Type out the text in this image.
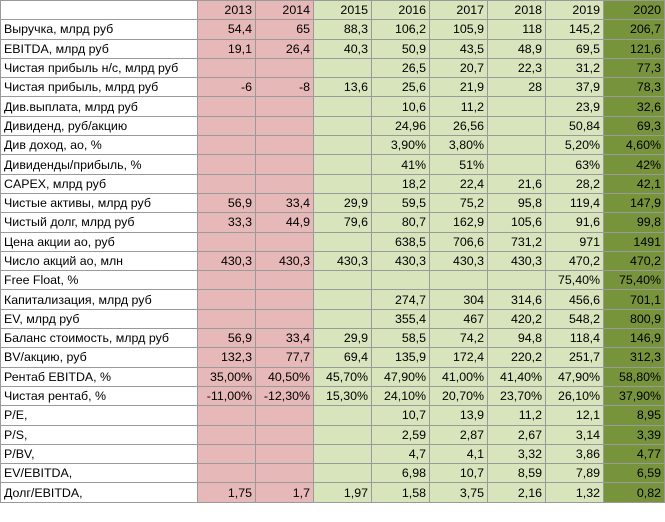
	2013	2014	2015	2016	2017	2018	2019	2020
Выручка, млрд руб	54,4	65	88,3	106,2	105,9	118	145,2	206,7
EBITDA, млрд руб	19,1	26,4	40,3	50,9	43,5	48,9	69,5	121,6
Чистая прибыль н/с, млрд руб				26,5	20,7	22,3	31,2	77,3
Чистая прибыль, млрд руб	-6	-8	13,6	25,6	21,9	28	37,9	78,3
Див.выплата, млрд руб				10,6	11,2		23,9	32,6
Дивиденд, руб/акцию				24,96	26,56		50,84	69,3
Див доход, ао, %				3,90%	3,80%		5,20%	4,60%
Дивиденды/прибыль, %				41%	51%		63%	42%
CAPEX, млрд руб				18,2	22,4	21,6	28,2	42,1
Чистые активы, млрд руб	56,9	33,4	29,9	59,5	75,2	95,8	119,4	147,9
Чистый долг, млрд руб	33,3	44,9	79,6	80,7	162,9	105,6	91,6	99,8
Цена акции ао, руб				638,5	706,6	731,2	971	1491
Число акций ао, млн	430,3	430,3	430,3	430,3	430,3	430,3	470,2	470,2
Free Float, %							75,40%	75,40%
Капитализация, млрд руб				274,7	304	314,6	456,6	701,1
EV, млрд руб				355,4	467	420,2	548,2	800,9
Баланс стоимость, млрд руб	56,9	33,4	29,9	58,5	74,2	94,8	118,4	146,9
BV/акцию, руб	132,3	77,7	69,4	135,9	172,4	220,2	251,7	312,3
Рентаб EBITDA, %	35,00%	40,50%	45,70%	47,90%	41,00%	41,40%	47,90%	58,80%
Чистая рентаб, %	-11,00%	-12,30%	15,30%	24,10%	20,70%	23,70%	26,10%	37,90%
P/E,				10,7	13,9	11,2	12,1	8,95
P/S,				2,59	2,87	2,67	3,14	3,39
P/BV,				4,7	4,1	3,32	3,86	4,77
EV/EBITDA,				6,98	10,7	8,59	7,89	6,59
Долг/EBITDA,	1,75	1,7	1,97	1,58	3,75	2,16	1,32	0,82
